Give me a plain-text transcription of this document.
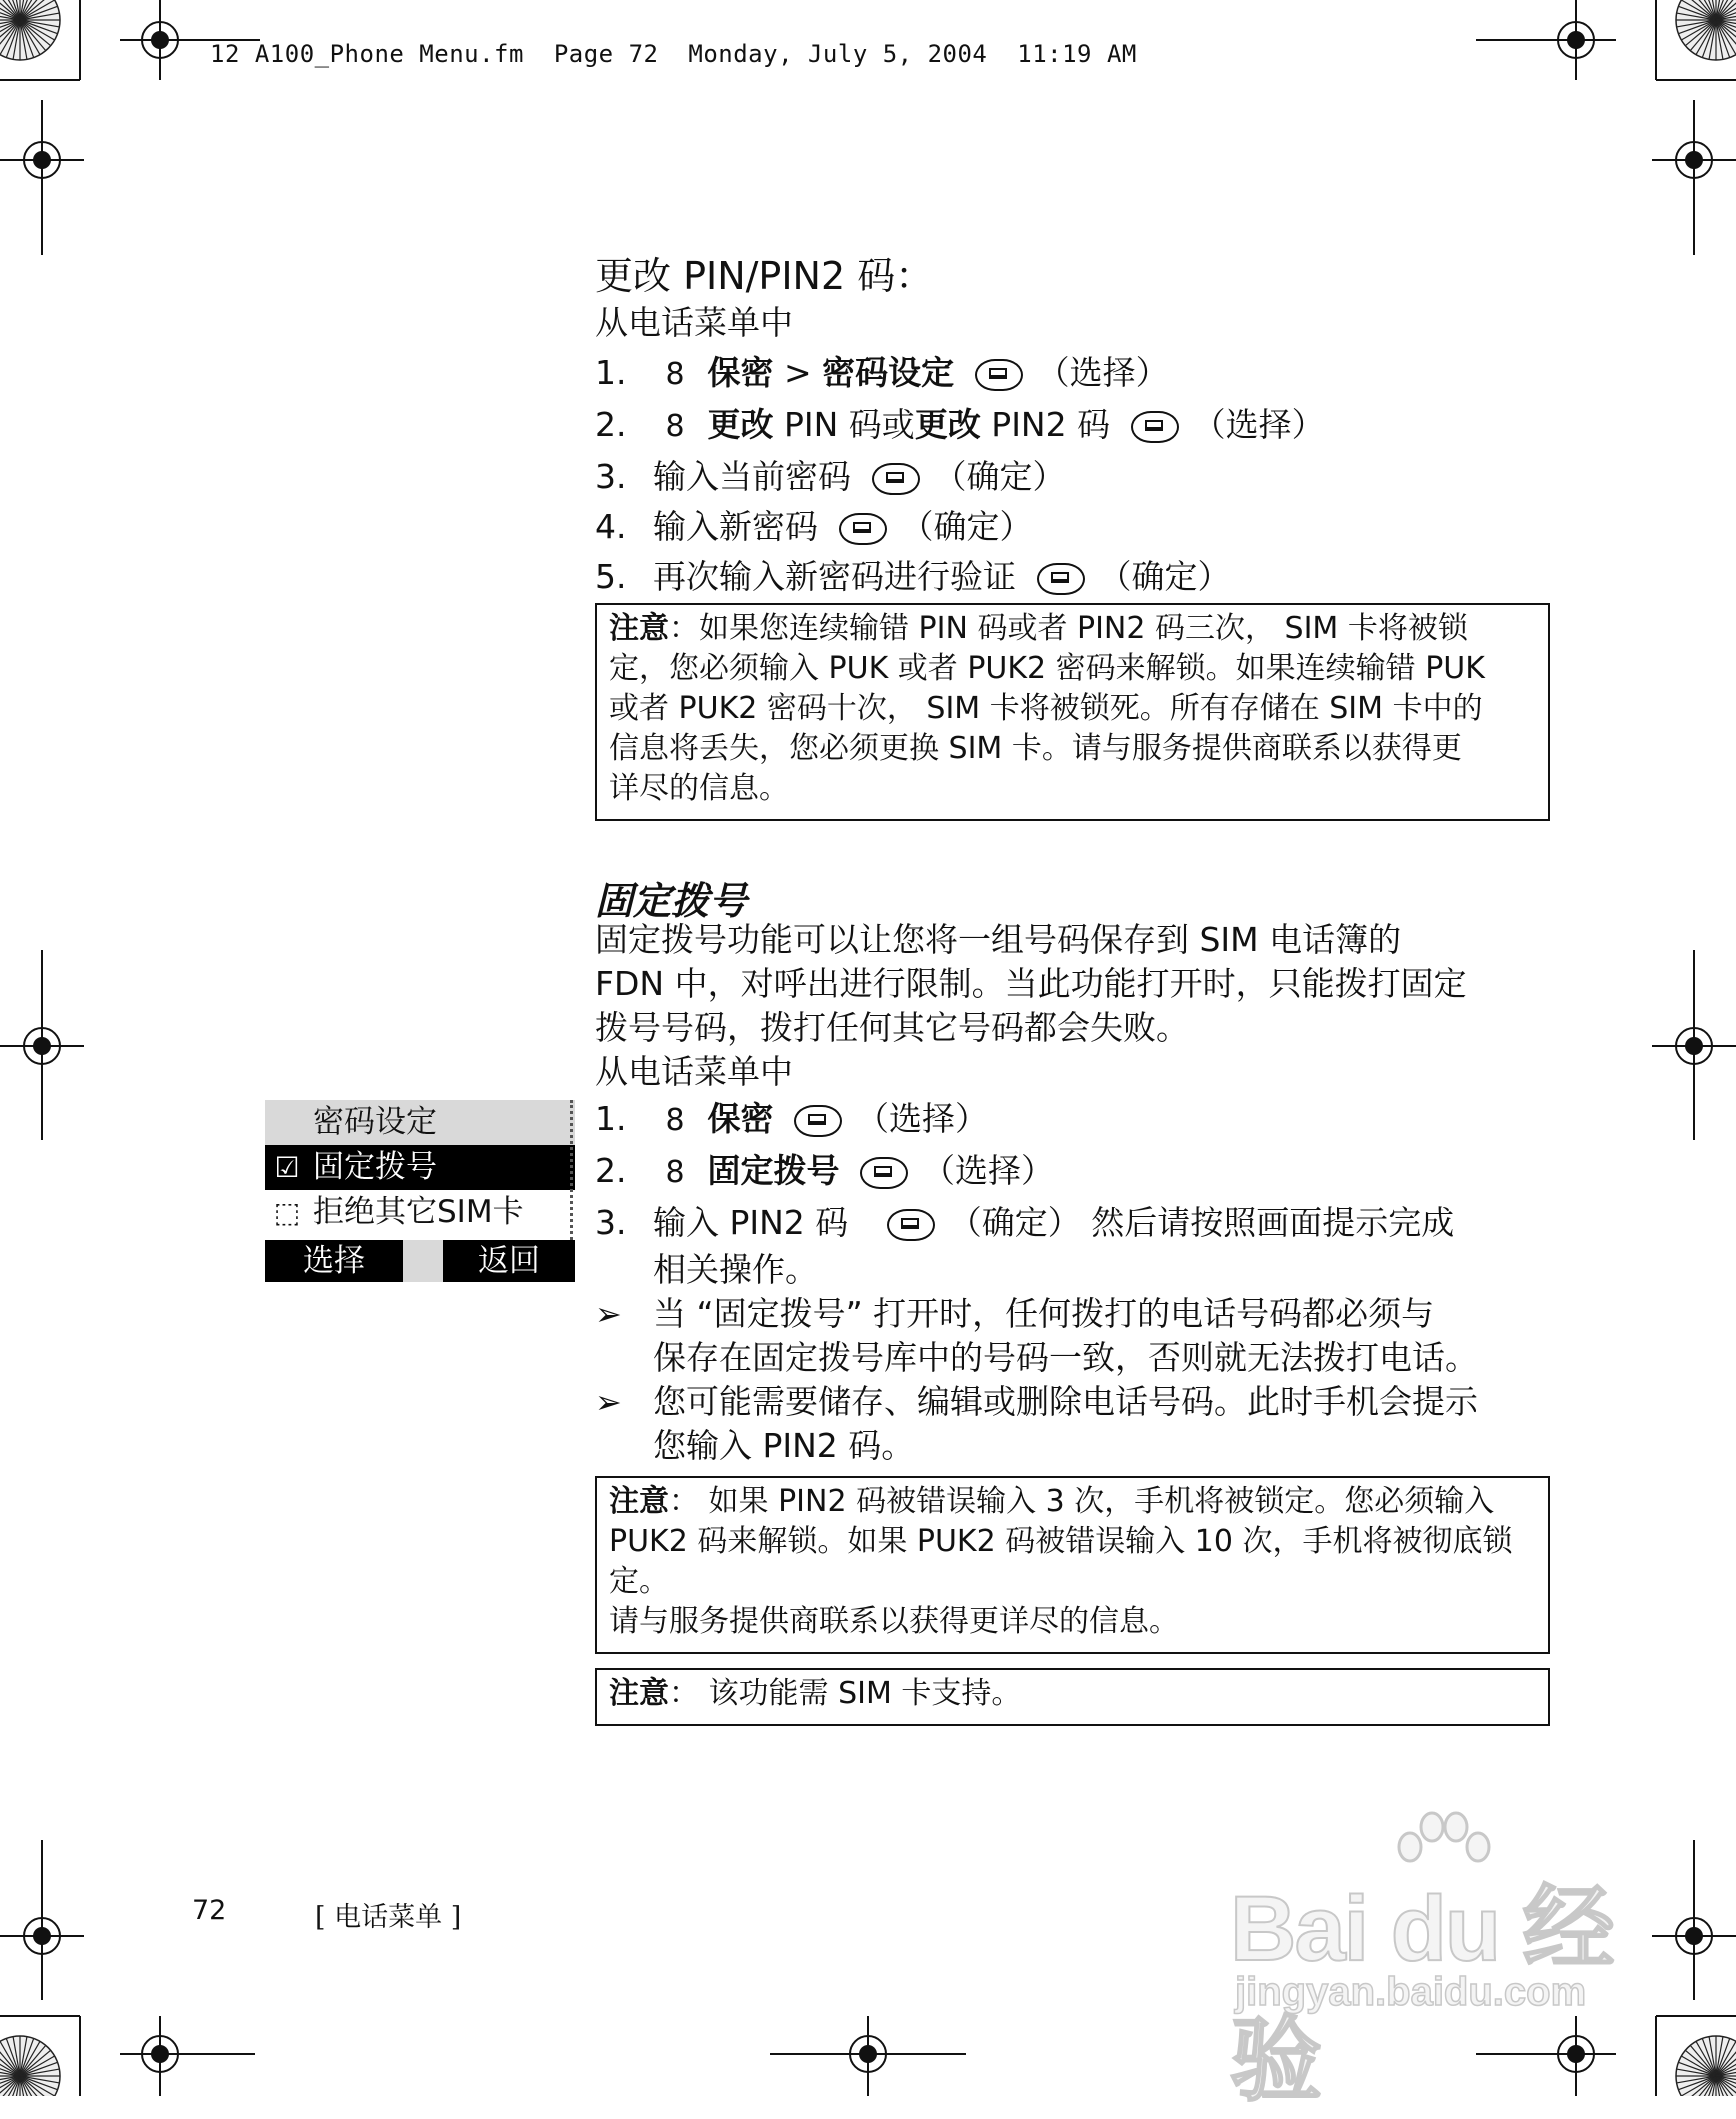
12 A100_Phone Menu.fm  Page 72  Monday, July 5, 2004  11:19 AM
更改 PIN/PIN2 码：
从电话菜单中
1. 8 保密 > 密码设定	（选择）
2. 8 更改 PIN 码或更改 PIN2 码	（选择）
3. 输入当前密码	（确定）
4. 输入新密码	（确定）
5. 再次输入新密码进行验证	（确定）
注意：如果您连续输错 PIN 码或者 PIN2 码三次， SIM 卡将被锁
定，您必须输入 PUK 或者 PUK2 密码来解锁。如果连续输错 PUK
或者 PUK2 密码十次， SIM 卡将被锁死。所有存储在 SIM 卡中的
信息将丢失，您必须更换 SIM 卡。请与服务提供商联系以获得更
详尽的信息。
固定拨号
固定拨号功能可以让您将一组号码保存到 SIM 电话簿的
FDN 中，对呼出进行限制。当此功能打开时，只能拨打固定
拨号号码，拨打任何其它号码都会失败。
从电话菜单中
1. 8 保密	（选择）
2. 8 固定拨号	（选择）
3. 输入 PIN2 码	（确定） 然后请按照画面提示完成
相关操作。
➢ 当 “固定拨号” 打开时，任何拨打的电话号码都必须与
保存在固定拨号库中的号码一致，否则就无法拨打电话。
➢ 您可能需要储存、编辑或删除电话号码。此时手机会提示
您输入 PIN2 码。
注意： 如果 PIN2 码被错误输入 3 次，手机将被锁定。您必须输入
PUK2 码来解锁。如果 PUK2 码被错误输入 10 次，手机将被彻底锁
定。
请与服务提供商联系以获得更详尽的信息。
注意： 该功能需 SIM 卡支持。
密码设定
☑ 固定拨号
⬚ 拒绝其它SIM卡
选择	返回
72	[ 电话菜单 ]	Bai du 经验
jingyan.baidu.com
